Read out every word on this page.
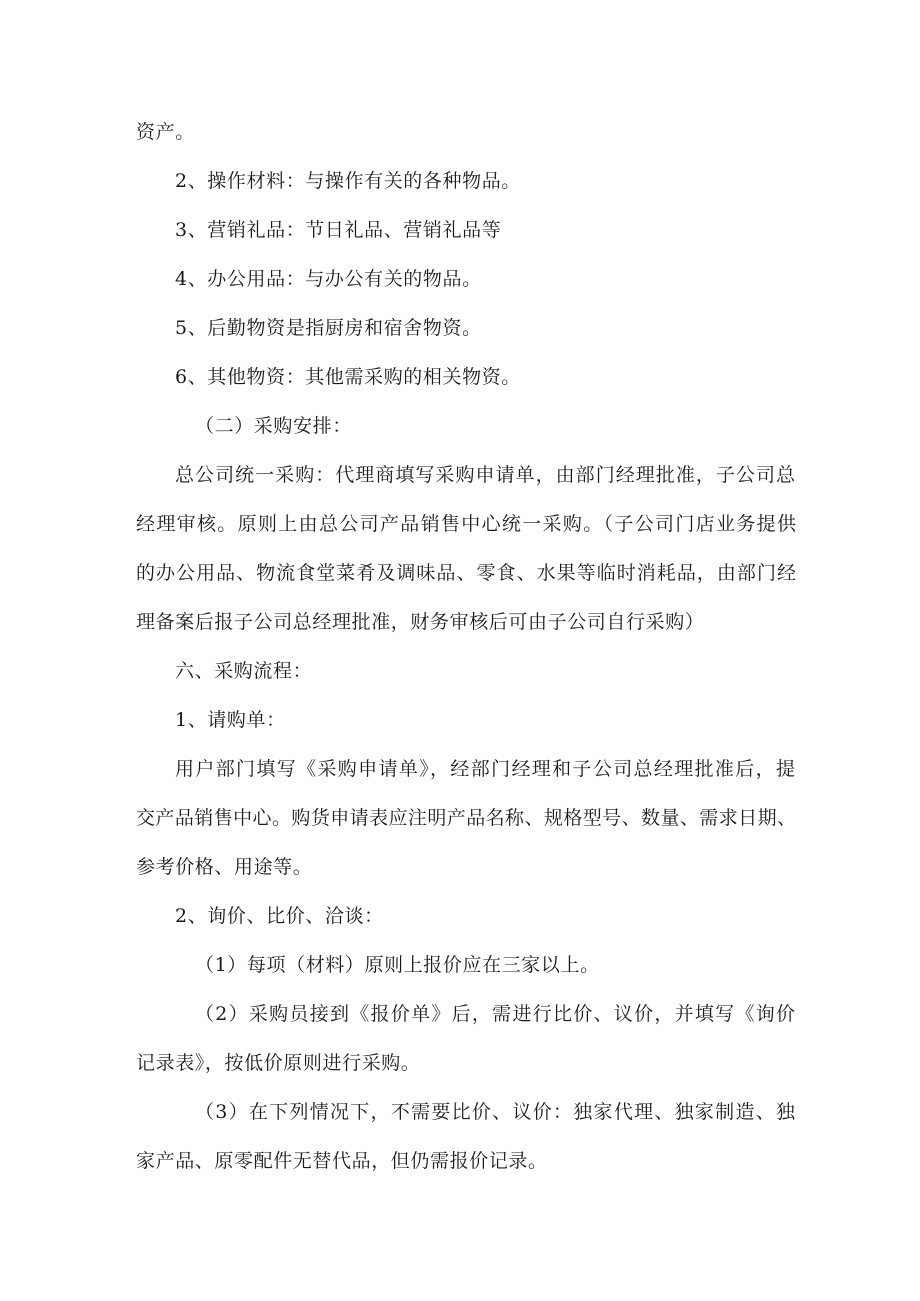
资产。
2、操作材料：与操作有关的各种物品。
3、营销礼品：节日礼品、营销礼品等
4、办公用品：与办公有关的物品。
5、后勤物资是指厨房和宿舍物资。
6、其他物资：其他需采购的相关物资。
（二）采购安排：
总公司统一采购：代理商填写采购申请单，由部门经理批准，子公司总
经理审核。原则上由总公司产品销售中心统一采购。（子公司门店业务提供
的办公用品、物流食堂菜肴及调味品、零食、水果等临时消耗品，由部门经
理备案后报子公司总经理批准，财务审核后可由子公司自行采购）
六、采购流程：
1、请购单：
用户部门填写《采购申请单》，经部门经理和子公司总经理批准后，提
交产品销售中心。购货申请表应注明产品名称、规格型号、数量、需求日期、
参考价格、用途等。
2、询价、比价、洽谈：
（1）每项（材料）原则上报价应在三家以上。
（2）采购员接到《报价单》后，需进行比价、议价，并填写《询价
记录表》，按低价原则进行采购。
（3）在下列情况下，不需要比价、议价：独家代理、独家制造、独
家产品、原零配件无替代品，但仍需报价记录。
